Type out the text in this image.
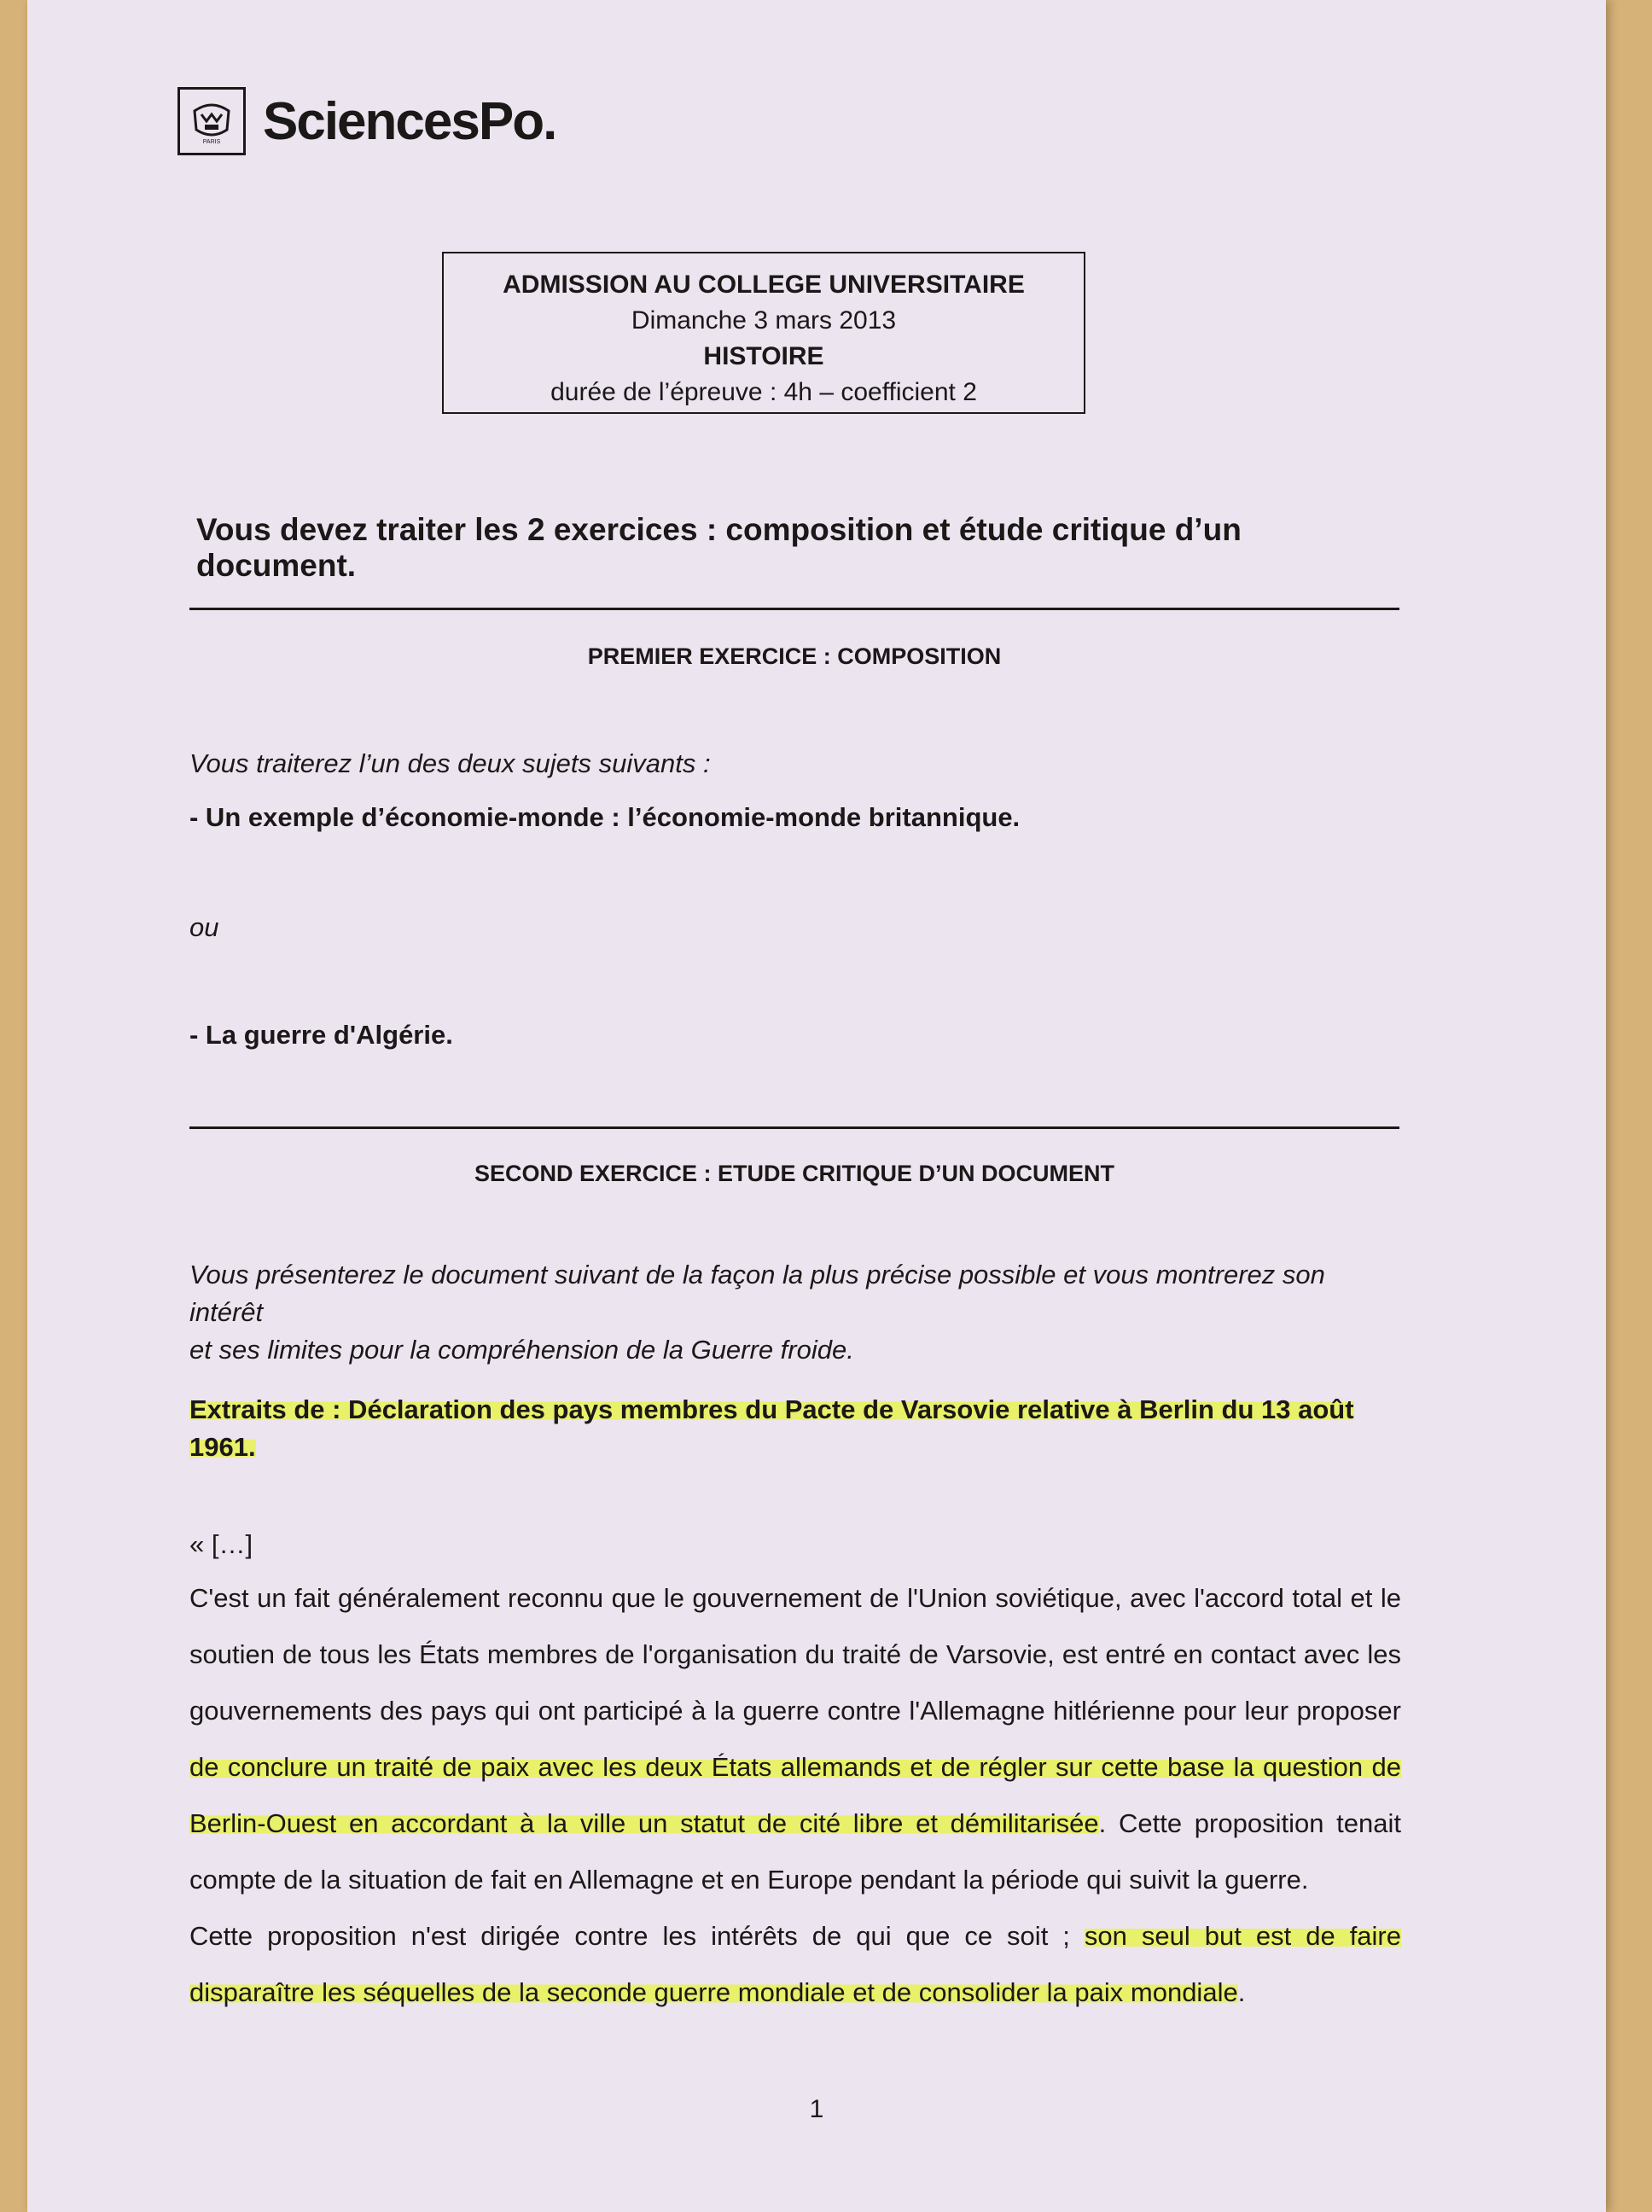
PARIS SciencesPo.
ADMISSION AU COLLEGE UNIVERSITAIRE
Dimanche 3 mars 2013
HISTOIRE
durée de l’épreuve : 4h – coefficient 2
Vous devez traiter les 2 exercices : composition et étude critique d’un document.
PREMIER EXERCICE : COMPOSITION
Vous traiterez l’un des deux sujets suivants :
- Un exemple d’économie-monde : l’économie-monde britannique.
ou
- La guerre d'Algérie.
SECOND EXERCICE : ETUDE CRITIQUE D’UN DOCUMENT
Vous présenterez le document suivant de la façon la plus précise possible et vous montrerez son intérêt
et ses limites pour la compréhension de la Guerre froide.
Extraits de : Déclaration des pays membres du Pacte de Varsovie relative à Berlin du 13 août
1961.
« […]

C'est un fait généralement reconnu que le gouvernement de l'Union soviétique, avec l'accord total et le soutien de tous les États membres de l'organisation du traité de Varsovie, est entré en contact avec les gouvernements des pays qui ont participé à la guerre contre l'Allemagne hitlérienne pour leur proposer de conclure un traité de paix avec les deux États allemands et de régler sur cette base la question de Berlin-Ouest en accordant à la ville un statut de cité libre et démilitarisée. Cette proposition tenait compte de la situation de fait en Allemagne et en Europe pendant la période qui suivit la guerre.

Cette proposition n'est dirigée contre les intérêts de qui que ce soit ; son seul but est de faire disparaître les séquelles de la seconde guerre mondiale et de consolider la paix mondiale.

1
